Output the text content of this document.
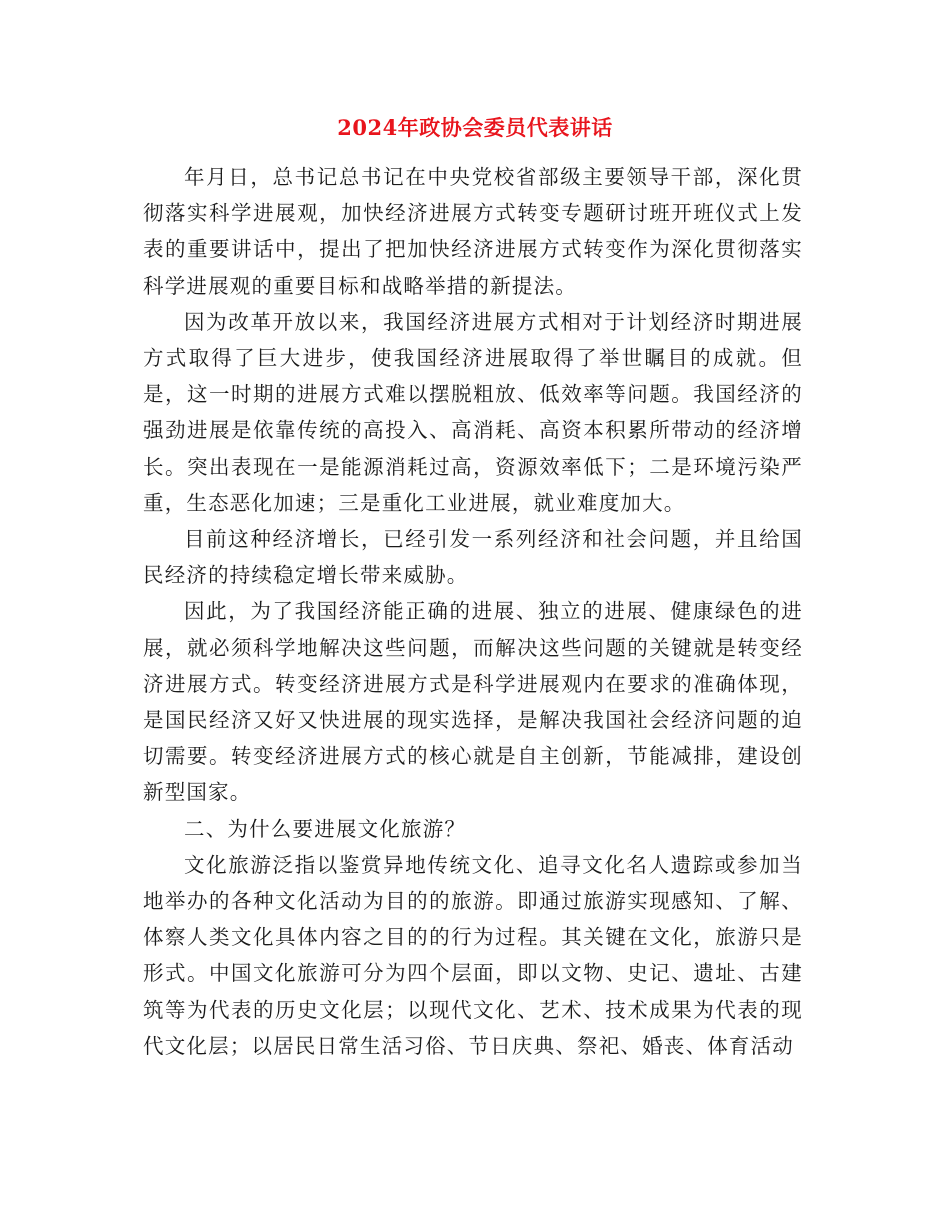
2024年政协会委员代表讲话

年月日，总书记总书记在中央党校省部级主要领导干部，深化贯彻落实科学进展观，加快经济进展方式转变专题研讨班开班仪式上发表的重要讲话中，提出了把加快经济进展方式转变作为深化贯彻落实科学进展观的重要目标和战略举措的新提法。

因为改革开放以来，我国经济进展方式相对于计划经济时期进展方式取得了巨大进步，使我国经济进展取得了举世瞩目的成就。但是，这一时期的进展方式难以摆脱粗放、低效率等问题。我国经济的强劲进展是依靠传统的高投入、高消耗、高资本积累所带动的经济增长。突出表现在一是能源消耗过高，资源效率低下；二是环境污染严重，生态恶化加速；三是重化工业进展，就业难度加大。

目前这种经济增长，已经引发一系列经济和社会问题，并且给国民经济的持续稳定增长带来威胁。

因此，为了我国经济能正确的进展、独立的进展、健康绿色的进展，就必须科学地解决这些问题，而解决这些问题的关键就是转变经济进展方式。转变经济进展方式是科学进展观内在要求的准确体现，是国民经济又好又快进展的现实选择，是解决我国社会经济问题的迫切需要。转变经济进展方式的核心就是自主创新，节能减排，建设创新型国家。

二、为什么要进展文化旅游？

文化旅游泛指以鉴赏异地传统文化、追寻文化名人遗踪或参加当地举办的各种文化活动为目的的旅游。即通过旅游实现感知、了解、体察人类文化具体内容之目的的行为过程。其关键在文化，旅游只是形式。中国文化旅游可分为四个层面，即以文物、史记、遗址、古建筑等为代表的历史文化层；以现代文化、艺术、技术成果为代表的现代文化层；以居民日常生活习俗、节日庆典、祭祀、婚丧、体育活动
